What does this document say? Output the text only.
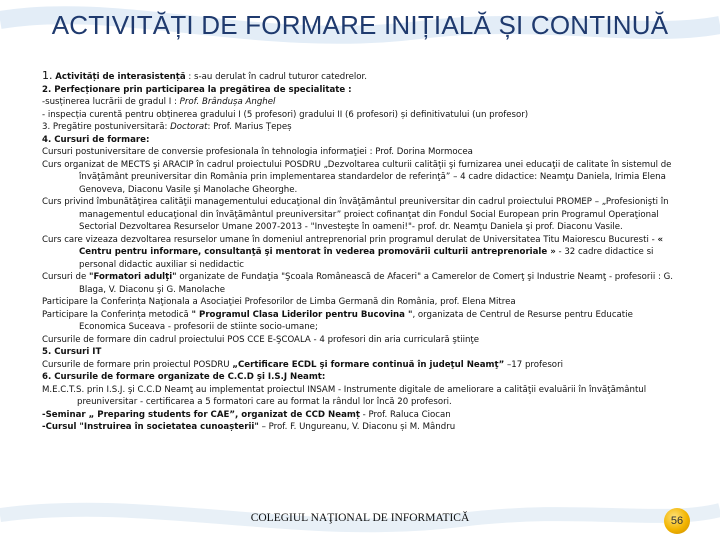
ACTIVITĂȚI DE FORMARE INIȚIALĂ ȘI CONTINUĂ
1. Activități de interasistență : s-au derulat în cadrul tuturor catedrelor.
2. Perfecționare prin participarea la pregătirea de specialitate :
-susținerea lucrării de gradul I : Prof. Brândușa Anghel
- inspecția curentă pentru obținerea gradului I (5 profesori) gradului II (6 profesori) și definitivatului (un profesor)
3. Pregătire postuniversitară: Doctorat: Prof. Marius Țepeș
4. Cursuri de formare:
Cursuri postuniversitare de conversie profesionala în tehnologia informaţiei : Prof. Dorina Mormocea
Curs organizat de MECTS şi ARACIP în cadrul proiectului POSDRU „Dezvoltarea culturii calităţii şi furnizarea unei educaţii de calitate în sistemul de învăţământ preuniversitar din România prin implementarea standardelor de referinţă” – 4 cadre didactice: Neamţu Daniela, Irimia Elena Genoveva, Diaconu Vasile şi Manolache Gheorghe.
Curs privind îmbunătăţirea calităţii managementului educaţional din învăţământul preuniversitar din cadrul proiectului PROMEP – „Profesionişti în managementul educaţional din învăţământul preuniversitar” proiect cofinanţat din Fondul Social European prin Programul Operaţional Sectorial Dezvoltarea Resurselor Umane 2007-2013 - "Investeşte în oameni!"- prof. dr. Neamţu Daniela şi prof. Diaconu Vasile.
Curs care vizeaza dezvoltarea resurselor umane în domeniul antreprenorial prin programul derulat de Universitatea Titu Maiorescu Bucuresti - « Centru pentru informare, consultanţă şi mentorat în vederea promovării culturii antreprenoriale » - 32 cadre didactice si personal didactic auxiliar si nedidactic
Cursuri de "Formatori adulţi" organizate de Fundaţia "Şcoala Românească de Afaceri" a Camerelor de Comerţ şi Industrie Neamţ - profesorii : G. Blaga, V. Diaconu şi G. Manolache
Participare la Conferința Naţionala a Asociaţiei Profesorilor de Limba Germană din România, prof. Elena Mitrea
Participare la Conferința metodică " Programul Clasa Liderilor pentru Bucovina ", organizata de Centrul de Resurse pentru Educatie Economica Suceava - profesorii de stiinte socio-umane;
Cursurile de formare din cadrul proiectului POS CCE E-ŞCOALA - 4 profesori din aria curriculară ştiinţe
5. Cursuri IT
Cursurile de formare prin proiectul POSDRU „Certificare ECDL şi formare continuă în judeţul Neamţ” –17 profesori
6. Cursurile de formare organizate de C.C.D şi I.S.J Neamt:
M.E.C.T.S. prin I.S.J. şi C.C.D Neamţ au implementat proiectul INSAM - Instrumente digitale de ameliorare a calităţii evaluării în învăţământul preuniversitar - certificarea a 5 formatori care au format la rândul lor încă 20 profesori.
-Seminar „ Preparing students for CAE”, organizat de CCD Neamț - Prof. Raluca Ciocan
-Cursul "Instruirea în societatea cunoașterii" – Prof. F. Ungureanu, V. Diaconu și M. Mândru
COLEGIUL NAŢIONAL DE INFORMATICĂ	56
